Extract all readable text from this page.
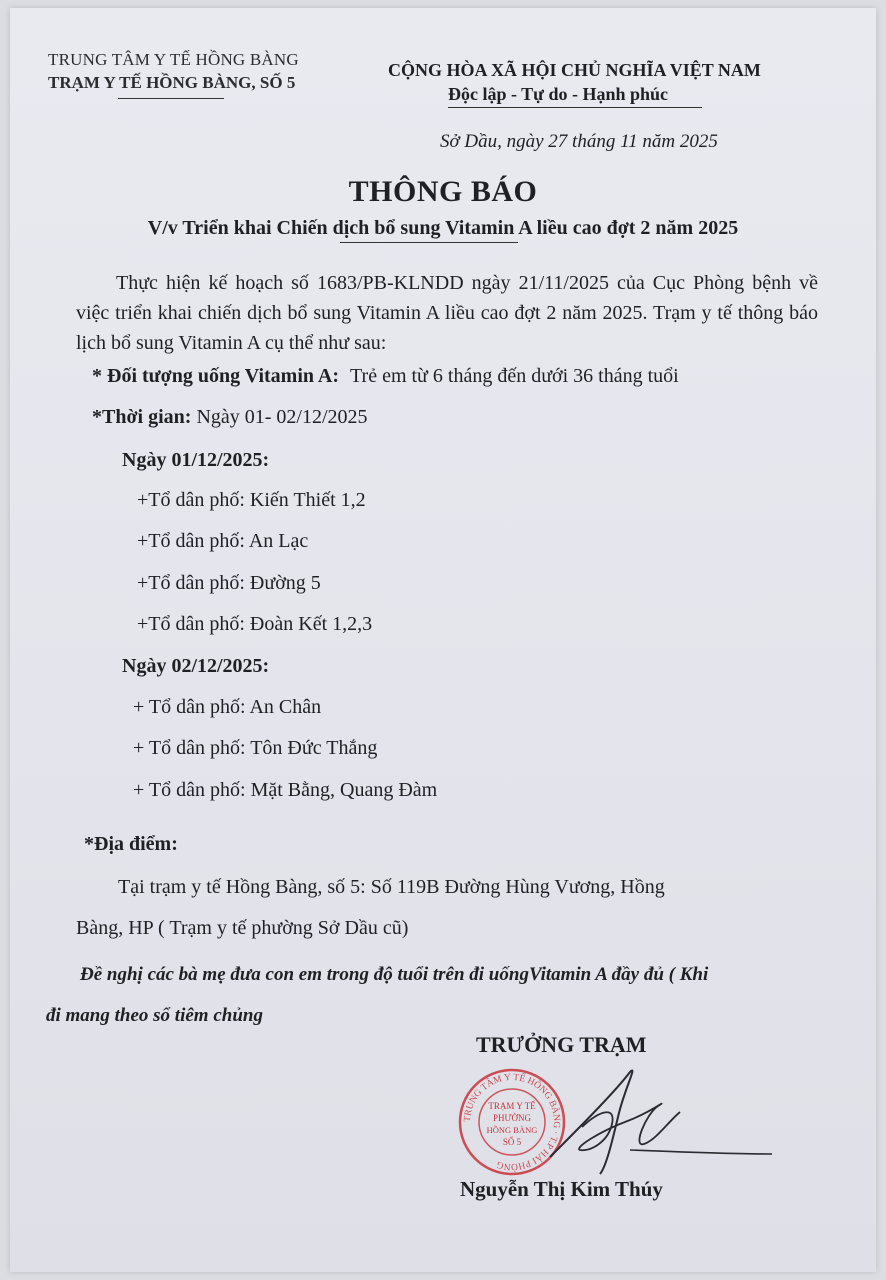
TRUNG TÂM Y TẾ HỒNG BÀNG
TRẠM Y TẾ HỒNG BÀNG, SỐ 5
CỘNG HÒA XÃ HỘI CHỦ NGHĨA VIỆT NAM
Độc lập - Tự do - Hạnh phúc
Sở Dầu, ngày 27 tháng 11 năm 2025
THÔNG BÁO
V/v Triển khai Chiến dịch bổ sung Vitamin A liều cao đợt 2 năm 2025
Thực hiện kế hoạch số 1683/PB-KLNDD ngày 21/11/2025 của Cục Phòng bệnh về việc triển khai chiến dịch bổ sung Vitamin A liều cao đợt 2 năm 2025. Trạm y tế thông báo lịch bổ sung Vitamin A cụ thể như sau:
* Đối tượng uống Vitamin A: Trẻ em từ 6 tháng đến dưới 36 tháng tuổi
*Thời gian: Ngày 01- 02/12/2025
Ngày 01/12/2025:
+Tổ dân phố: Kiến Thiết 1,2
+Tổ dân phố: An Lạc
+Tổ dân phố: Đường 5
+Tổ dân phố: Đoàn Kết 1,2,3
Ngày 02/12/2025:
+ Tổ dân phố: An Chân
+ Tổ dân phố: Tôn Đức Thắng
+ Tổ dân phố: Mặt Bằng, Quang Đàm
*Địa điểm:
Tại trạm y tế Hồng Bàng, số 5: Số 119B Đường Hùng Vương, Hồng
Bàng, HP ( Trạm y tế phường Sở Dầu cũ)
Đề nghị các bà mẹ đưa con em trong độ tuổi trên đi uốngVitamin A đầy đủ ( Khi
đi mang theo sổ tiêm chủng
TRƯỞNG TRẠM
TRUNG TÂM Y TẾ HỒNG BÀNG · T.P HẢI PHÒNG
TRẠM Y TẾ
PHƯỜNG
HỒNG BÀNG
SỐ 5
Nguyễn Thị Kim Thúy
